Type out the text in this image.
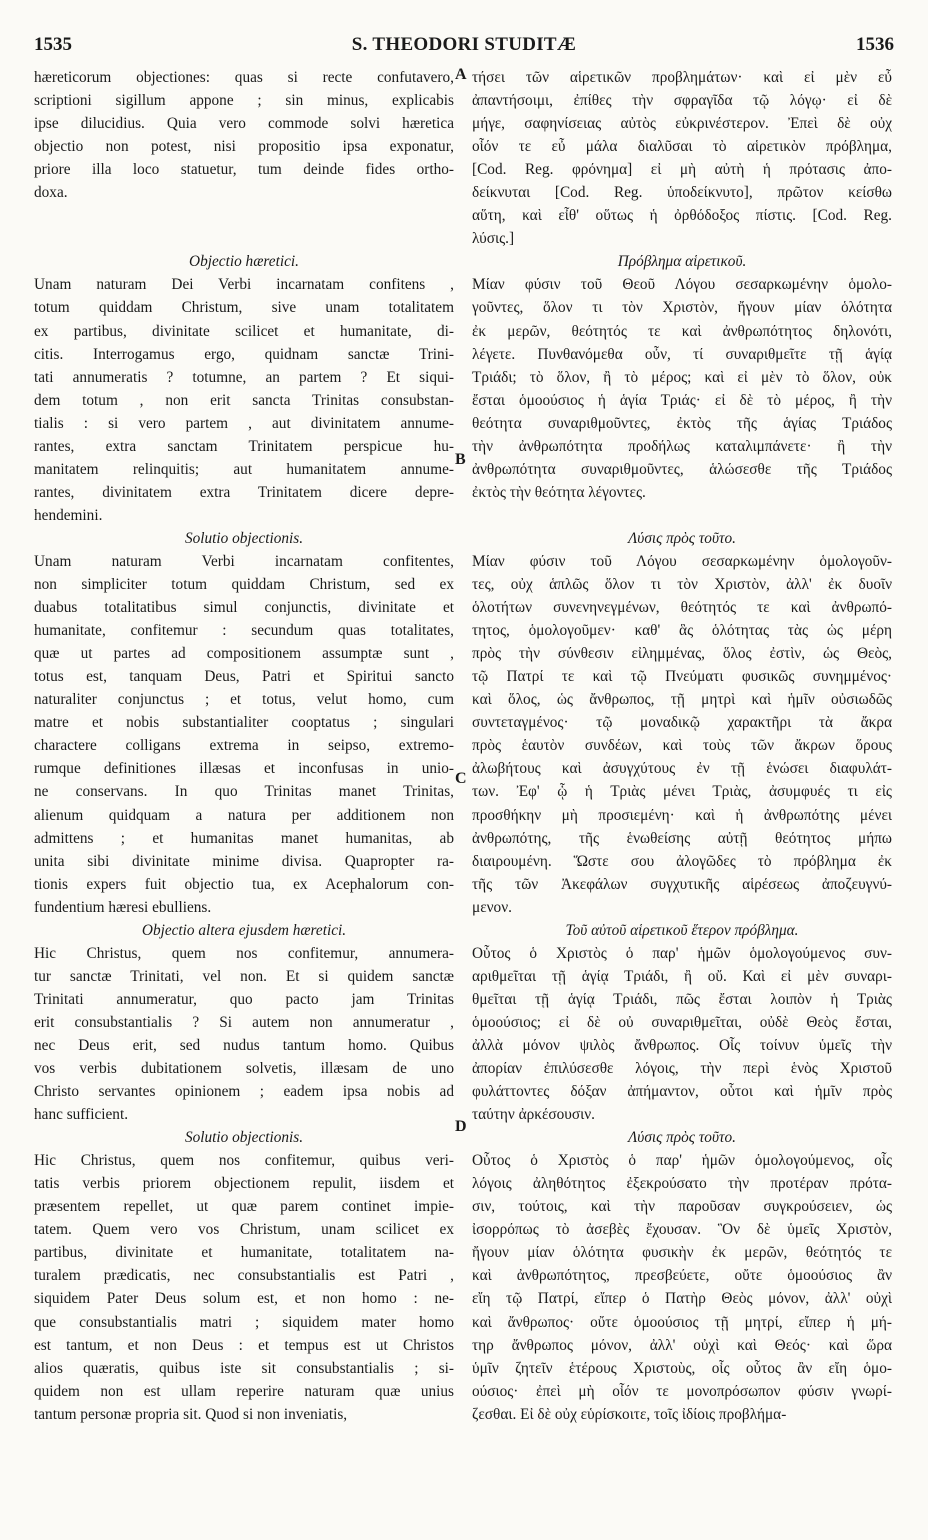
1535	S. THEODORI STUDITÆ	1536
hæreticorum objectiones: quas si recte confutavero,
scriptioni sigillum appone ; sin minus, explicabis
ipse dilucidius. Quia vero commode solvi hæretica
objectio non potest, nisi propositio ipsa exponatur,
priore illa loco statuetur, tum deinde fides ortho-
doxa.
Objectio hæretici.
Unam naturam Dei Verbi incarnatam confitens ,
totum quiddam Christum, sive unam totalitatem
ex partibus, divinitate scilicet et humanitate, di-
citis. Interrogamus ergo, quidnam sanctæ Trini-
tati annumeratis ? totumne, an partem ? Et siqui-
dem totum , non erit sancta Trinitas consubstan-
tialis : si vero partem , aut divinitatem annume-
rantes, extra sanctam Trinitatem perspicue hu-
manitatem relinquitis; aut humanitatem annume-
rantes, divinitatem extra Trinitatem dicere depre-
hendemini.
Solutio objectionis.
Unam naturam Verbi incarnatam confitentes,
non simpliciter totum quiddam Christum, sed ex
duabus totalitatibus simul conjunctis, divinitate et
humanitate, confitemur : secundum quas totalitates,
quæ ut partes ad compositionem assumptæ sunt ,
totus est, tanquam Deus, Patri et Spiritui sancto
naturaliter conjunctus ; et totus, velut homo, cum
matre et nobis substantialiter cooptatus ; singulari
charactere colligans extrema in seipso, extremo-
rumque definitiones illæsas et inconfusas in unio-
ne conservans. In quo Trinitas manet Trinitas,
alienum quidquam a natura per additionem non
admittens ; et humanitas manet humanitas, ab
unita sibi divinitate minime divisa. Quapropter ra-
tionis expers fuit objectio tua, ex Acephalorum con-
fundentium hæresi ebulliens.
Objectio altera ejusdem hæretici.
Hic Christus, quem nos confitemur, annumera-
tur sanctæ Trinitati, vel non. Et si quidem sanctæ
Trinitati annumeratur, quo pacto jam Trinitas
erit consubstantialis ? Si autem non annumeratur ,
nec Deus erit, sed nudus tantum homo. Quibus
vos verbis dubitationem solvetis, illæsam de uno
Christo servantes opinionem ; eadem ipsa nobis ad
hanc sufficient.
Solutio objectionis.
Hic Christus, quem nos confitemur, quibus veri-
tatis verbis priorem objectionem repulit, iisdem et
præsentem repellet, ut quæ parem continet impie-
tatem. Quem vero vos Christum, unam scilicet ex
partibus, divinitate et humanitate, totalitatem na-
turalem prædicatis, nec consubstantialis est Patri ,
siquidem Pater Deus solum est, et non homo : ne-
que consubstantialis matri ; siquidem mater homo
est tantum, et non Deus : et tempus est ut Christos
alios quæratis, quibus iste sit consubstantialis ; si-
quidem non est ullam reperire naturam quæ unius
tantum personæ propria sit. Quod si non inveniatis,
τήσει τῶν αἱρετικῶν προβλημάτων· καὶ εἰ μὲν εὖ
ἀπαντήσοιμι, ἐπίθες τὴν σφραγῖδα τῷ λόγῳ· εἰ δὲ
μήγε, σαφηνίσειας αὐτὸς εὐκρινέστερον. Ἐπεὶ δὲ οὐχ
οἷόν τε εὖ μάλα διαλῦσαι τὸ αἱρετικὸν πρόβλημα,
[Cod. Reg. φρόνημα] εἰ μὴ αὐτὴ ἡ πρότασις ἀπο-
δείκνυται [Cod. Reg. ὑποδείκνυτο], πρῶτον κείσθω
αὕτη, καὶ εἶθ' οὕτως ἡ ὀρθόδοξος πίστις. [Cod. Reg.
λύσις.]
Πρόβλημα αἱρετικοῦ.
Μίαν φύσιν τοῦ Θεοῦ Λόγου σεσαρκωμένην ὁμολο-
γοῦντες, ὅλον τι τὸν Χριστὸν, ἤγουν μίαν ὁλότητα
ἐκ μερῶν, θεότητός τε καὶ ἀνθρωπότητος δηλονότι,
λέγετε. Πυνθανόμεθα οὖν, τί συναριθμεῖτε τῇ ἁγίᾳ
Τριάδι; τὸ ὅλον, ἢ τὸ μέρος; καὶ εἰ μὲν τὸ ὅλον, οὐκ
ἔσται ὁμοούσιος ἡ ἁγία Τριάς· εἰ δὲ τὸ μέρος, ἢ τὴν
θεότητα συναριθμοῦντες, ἐκτὸς τῆς ἁγίας Τριάδος
τὴν ἀνθρωπότητα προδήλως καταλιμπάνετε· ἢ τὴν
ἀνθρωπότητα συναριθμοῦντες, ἁλώσεσθε τῆς Τριάδος
ἐκτὸς τὴν θεότητα λέγοντες.
Λύσις πρὸς τοῦτο.
Μίαν φύσιν τοῦ Λόγου σεσαρκωμένην ὁμολογοῦν-
τες, οὐχ ἁπλῶς ὅλον τι τὸν Χριστὸν, ἀλλ' ἐκ δυοῖν
ὁλοτήτων συνενηνεγμένων, θεότητός τε καὶ ἀνθρωπό-
τητος, ὁμολογοῦμεν· καθ' ἃς ὁλότητας τὰς ὡς μέρη
πρὸς τὴν σύνθεσιν εἰλημμένας, ὅλος ἐστὶν, ὡς Θεὸς,
τῷ Πατρί τε καὶ τῷ Πνεύματι φυσικῶς συνημμένος·
καὶ ὅλος, ὡς ἄνθρωπος, τῇ μητρὶ καὶ ἡμῖν οὐσιωδῶς
συντεταγμένος· τῷ μοναδικῷ χαρακτῆρι τὰ ἄκρα
πρὸς ἑαυτὸν συνδέων, καὶ τοὺς τῶν ἄκρων ὅρους
ἀλωβήτους καὶ ἀσυγχύτους ἐν τῇ ἑνώσει διαφυλάτ-
των. Ἐφ' ᾧ ἡ Τριὰς μένει Τριὰς, ἀσυμφυές τι εἰς
προσθήκην μὴ προσιεμένη· καὶ ἡ ἀνθρωπότης μένει
ἀνθρωπότης, τῆς ἑνωθείσης αὐτῇ θεότητος μήπω
διαιρουμένη. Ὥστε σου ἀλογῶδες τὸ πρόβλημα ἐκ
τῆς τῶν Ἀκεφάλων συγχυτικῆς αἱρέσεως ἀποζευγνύ-
μενον.
Τοῦ αὐτοῦ αἱρετικοῦ ἕτερον πρόβλημα.
Οὗτος ὁ Χριστὸς ὁ παρ' ἡμῶν ὁμολογούμενος συν-
αριθμεῖται τῇ ἁγίᾳ Τριάδι, ἢ οὔ. Καὶ εἰ μὲν συναρι-
θμεῖται τῇ ἁγίᾳ Τριάδι, πῶς ἔσται λοιπὸν ἡ Τριὰς
ὁμοούσιος; εἰ δὲ οὐ συναριθμεῖται, οὐδὲ Θεὸς ἔσται,
ἀλλὰ μόνον ψιλὸς ἄνθρωπος. Οἷς τοίνυν ὑμεῖς τὴν
ἀπορίαν ἐπιλύσεσθε λόγοις, τὴν περὶ ἑνὸς Χριστοῦ
φυλάττοντες δόξαν ἀπήμαντον, οὗτοι καὶ ἡμῖν πρὸς
ταύτην ἀρκέσουσιν.
Λύσις πρὸς τοῦτο.
Οὗτος ὁ Χριστὸς ὁ παρ' ἡμῶν ὁμολογούμενος, οἷς
λόγοις ἀληθότητος ἐξεκρούσατο τὴν προτέραν πρότα-
σιν, τούτοις, καὶ τὴν παροῦσαν συγκρούσειεν, ὡς
ἰσορρόπως τὸ ἀσεβὲς ἔχουσαν. Ὃν δὲ ὑμεῖς Χριστὸν,
ἤγουν μίαν ὁλότητα φυσικὴν ἐκ μερῶν, θεότητός τε
καὶ ἀνθρωπότητος, πρεσβεύετε, οὔτε ὁμοούσιος ἂν
εἴη τῷ Πατρί, εἴπερ ὁ Πατὴρ Θεὸς μόνον, ἀλλ' οὐχὶ
καὶ ἄνθρωπος· οὔτε ὁμοούσιος τῇ μητρί, εἴπερ ἡ μή-
τηρ ἄνθρωπος μόνον, ἀλλ' οὐχὶ καὶ Θεός· καὶ ὥρα
ὑμῖν ζητεῖν ἑτέρους Χριστοὺς, οἷς οὗτος ἂν εἴη ὁμο-
ούσιος· ἐπεὶ μὴ οἷόν τε μονοπρόσωπον φύσιν γνωρί-
ζεσθαι. Εἰ δὲ οὐχ εὑρίσκοιτε, τοῖς ἰδίοις προβλήμα-
A
B
C
D
